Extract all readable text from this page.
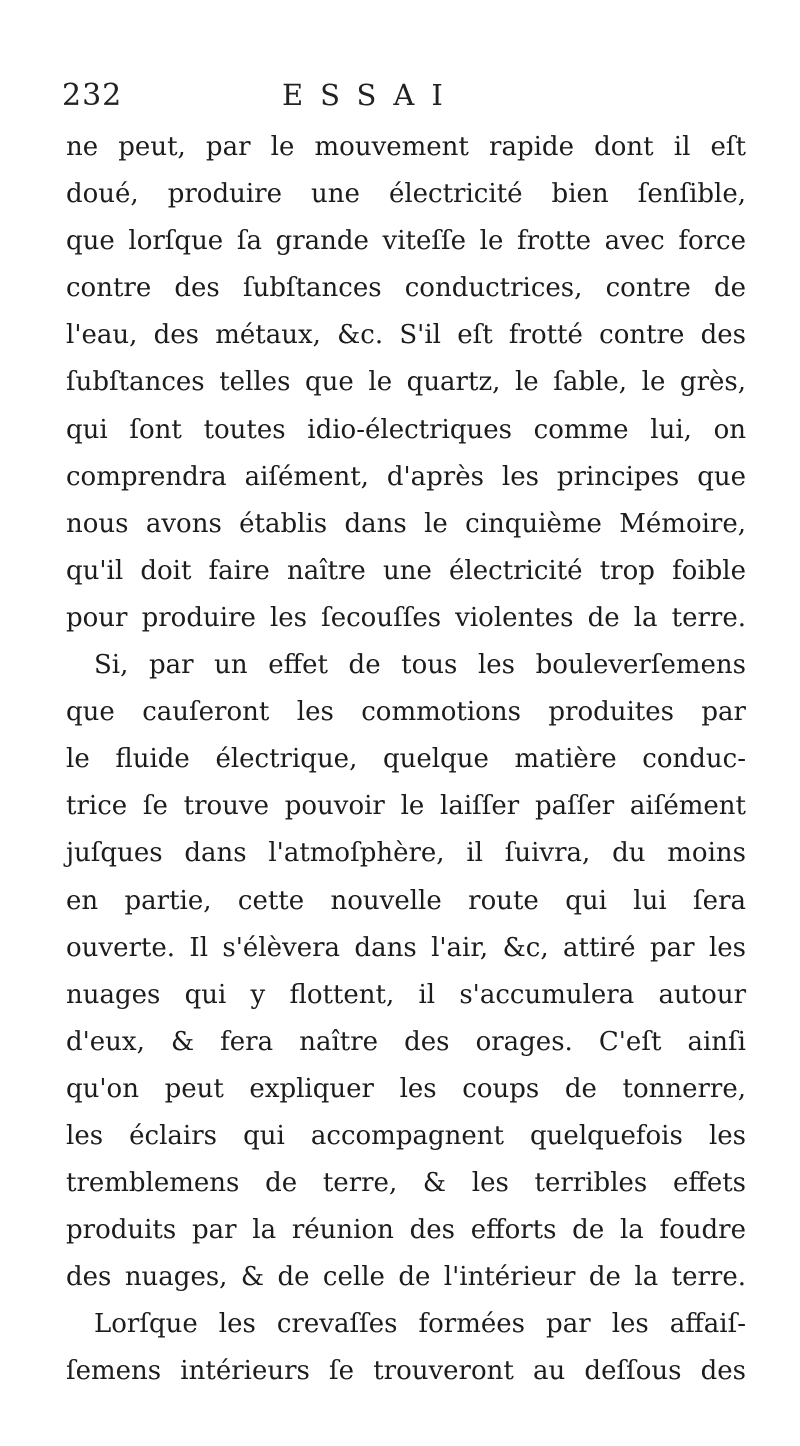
232	ESSAI
ne peut, par le mouvement rapide dont il eſt
doué, produire une électricité bien ſenſible,
que lorſque ſa grande viteſſe le frotte avec force
contre des ſubſtances conductrices, contre de
l'eau, des métaux, &c. S'il eſt frotté contre des
ſubſtances telles que le quartz, le ſable, le grès,
qui ſont toutes idio-électriques comme lui, on
comprendra aiſément, d'après les principes que
nous avons établis dans le cinquième Mémoire,
qu'il doit faire naître une électricité trop foible
pour produire les ſecouſſes violentes de la terre.
Si, par un effet de tous les bouleverſemens
que cauſeront les commotions produites par
le fluide électrique, quelque matière conduc-
trice ſe trouve pouvoir le laiſſer paſſer aiſément
juſques dans l'atmoſphère, il ſuivra, du moins
en partie, cette nouvelle route qui lui ſera
ouverte. Il s'élèvera dans l'air, &c, attiré par les
nuages qui y flottent, il s'accumulera autour
d'eux, & fera naître des orages. C'eſt ainſi
qu'on peut expliquer les coups de tonnerre,
les éclairs qui accompagnent quelquefois les
tremblemens de terre, & les terribles effets
produits par la réunion des efforts de la foudre
des nuages, & de celle de l'intérieur de la terre.
Lorſque les crevaſſes formées par les affaiſ-
ſemens intérieurs ſe trouveront au deſſous des
